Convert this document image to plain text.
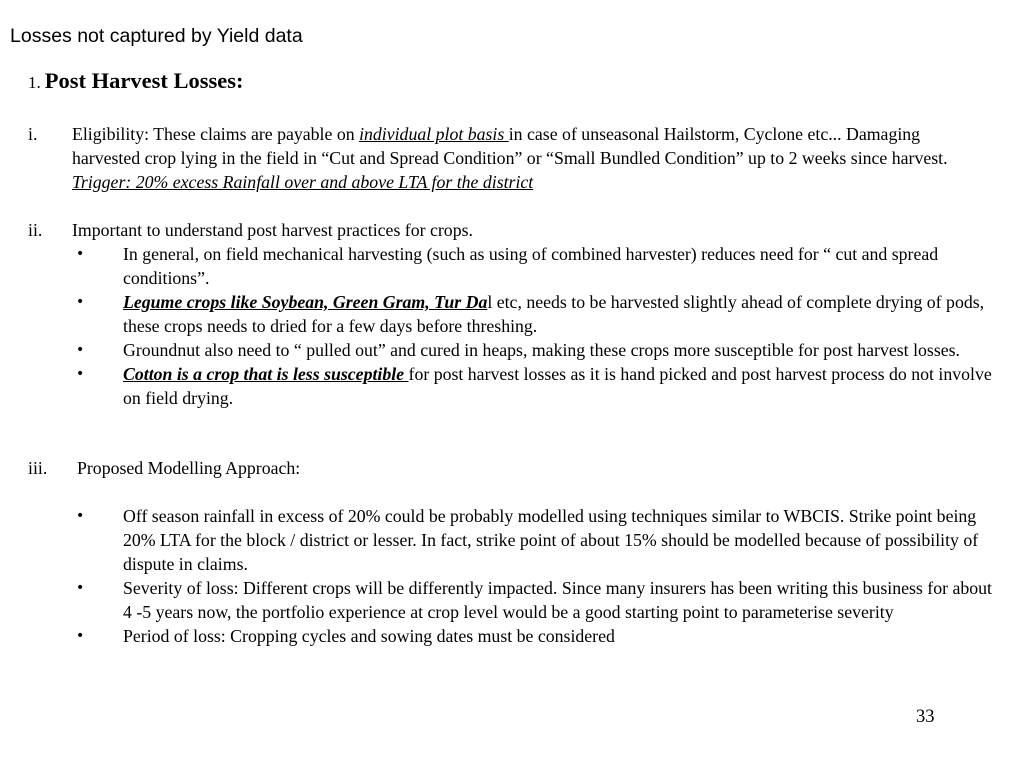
Losses not captured by Yield data
1. Post Harvest Losses:
i. Eligibility: These claims are payable on individual plot basis in case of unseasonal Hailstorm, Cyclone etc... Damaging harvested crop lying in the field in “Cut and Spread Condition” or “Small Bundled Condition” up to 2 weeks since harvest. Trigger: 20% excess Rainfall over and above LTA for the district
ii. Important to understand post harvest practices for crops.
• In general, on field mechanical harvesting (such as using of combined harvester) reduces need for “ cut and spread conditions”.
• Legume crops like Soybean, Green Gram, Tur Dal etc, needs to be harvested slightly ahead of complete drying of pods, these crops needs to dried for a few days before threshing.
• Groundnut also need to “ pulled out” and cured in heaps, making these crops more susceptible for post harvest losses.
• Cotton is a crop that is less susceptible for post harvest losses as it is hand picked and post harvest process do not involve on field drying.
iii. Proposed Modelling Approach:
• Off season rainfall in excess of 20% could be probably modelled using techniques similar to WBCIS. Strike point being 20% LTA for the block / district or lesser. In fact, strike point of about 15% should be modelled because of possibility of dispute in claims.
• Severity of loss: Different crops will be differently impacted. Since many insurers has been writing this business for about 4 -5 years now, the portfolio experience at crop level would be a good starting point to parameterise severity
• Period of loss: Cropping cycles and sowing dates must be considered
33
